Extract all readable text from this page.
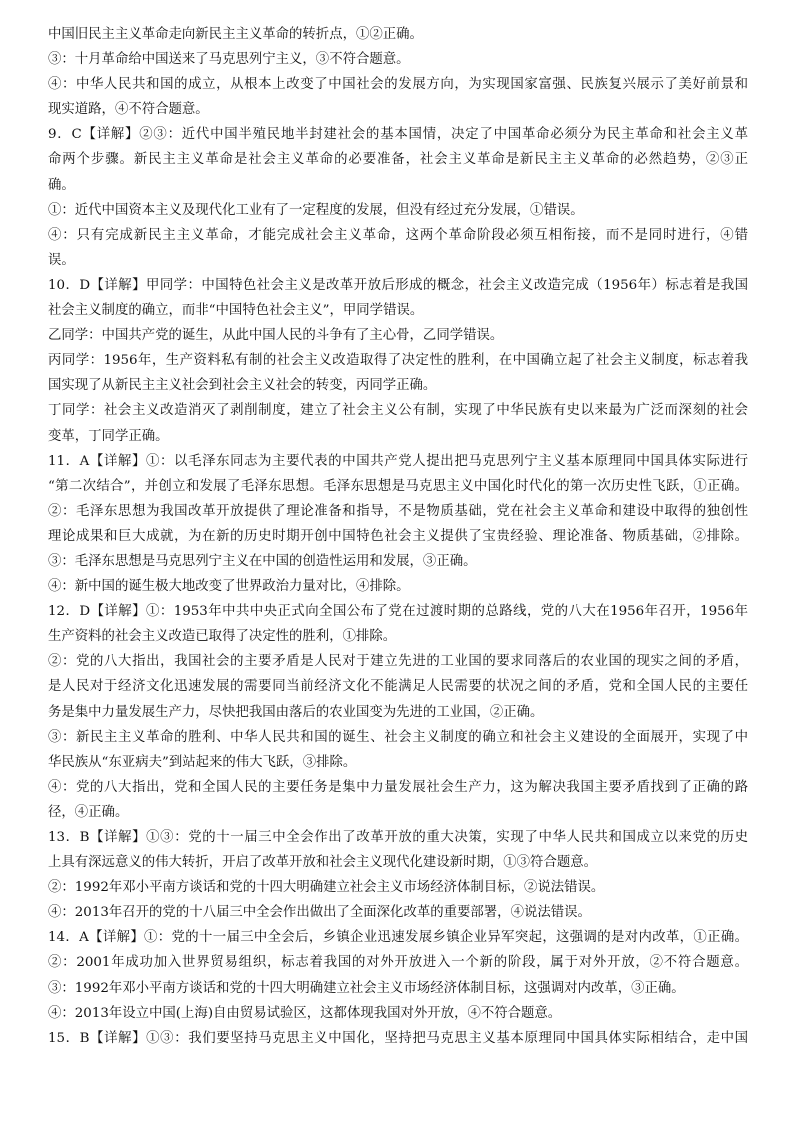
中国旧民主主义革命走向新民主主义革命的转折点，①②正确。
③：十月革命给中国送来了马克思列宁主义，③不符合题意。
④：中华人民共和国的成立，从根本上改变了中国社会的发展方向，为实现国家富强、民族复兴展示了美好前景和
现实道路，④不符合题意。
9．C【详解】②③：近代中国半殖民地半封建社会的基本国情，决定了中国革命必须分为民主革命和社会主义革
命两个步骤。新民主主义革命是社会主义革命的必要准备，社会主义革命是新民主主义革命的必然趋势，②③正
确。
①：近代中国资本主义及现代化工业有了一定程度的发展，但没有经过充分发展，①错误。
④：只有完成新民主主义革命，才能完成社会主义革命，这两个革命阶段必须互相衔接，而不是同时进行，④错
误。
10．D【详解】甲同学：中国特色社会主义是改革开放后形成的概念，社会主义改造完成（1956年）标志着是我国
社会主义制度的确立，而非“中国特色社会主义”，甲同学错误。
乙同学：中国共产党的诞生，从此中国人民的斗争有了主心骨，乙同学错误。
丙同学：1956年，生产资料私有制的社会主义改造取得了决定性的胜利，在中国确立起了社会主义制度，标志着我
国实现了从新民主主义社会到社会主义社会的转变，丙同学正确。
丁同学：社会主义改造消灭了剥削制度，建立了社会主义公有制，实现了中华民族有史以来最为广泛而深刻的社会
变革，丁同学正确。
11．A【详解】①：以毛泽东同志为主要代表的中国共产党人提出把马克思列宁主义基本原理同中国具体实际进行
“第二次结合”，并创立和发展了毛泽东思想。毛泽东思想是马克思主义中国化时代化的第一次历史性飞跃，①正确。
②：毛泽东思想为我国改革开放提供了理论准备和指导，不是物质基础，党在社会主义革命和建设中取得的独创性
理论成果和巨大成就，为在新的历史时期开创中国特色社会主义提供了宝贵经验、理论准备、物质基础，②排除。
③：毛泽东思想是马克思列宁主义在中国的创造性运用和发展，③正确。
④：新中国的诞生极大地改变了世界政治力量对比，④排除。
12．D【详解】①：1953年中共中央正式向全国公布了党在过渡时期的总路线，党的八大在1956年召开，1956年
生产资料的社会主义改造已取得了决定性的胜利，①排除。
②：党的八大指出，我国社会的主要矛盾是人民对于建立先进的工业国的要求同落后的农业国的现实之间的矛盾，
是人民对于经济文化迅速发展的需要同当前经济文化不能满足人民需要的状况之间的矛盾，党和全国人民的主要任
务是集中力量发展生产力，尽快把我国由落后的农业国变为先进的工业国，②正确。
③：新民主主义革命的胜利、中华人民共和国的诞生、社会主义制度的确立和社会主义建设的全面展开，实现了中
华民族从“东亚病夫”到站起来的伟大飞跃，③排除。
④：党的八大指出，党和全国人民的主要任务是集中力量发展社会生产力，这为解决我国主要矛盾找到了正确的路
径，④正确。
13．B【详解】①③：党的十一届三中全会作出了改革开放的重大决策，实现了中华人民共和国成立以来党的历史
上具有深远意义的伟大转折，开启了改革开放和社会主义现代化建设新时期，①③符合题意。
②：1992年邓小平南方谈话和党的十四大明确建立社会主义市场经济体制目标，②说法错误。
④：2013年召开的党的十八届三中全会作出做出了全面深化改革的重要部署，④说法错误。
14．A【详解】①：党的十一届三中全会后，乡镇企业迅速发展乡镇企业异军突起，这强调的是对内改革，①正确。
②：2001年成功加入世界贸易组织，标志着我国的对外开放进入一个新的阶段，属于对外开放，②不符合题意。
③：1992年邓小平南方谈话和党的十四大明确建立社会主义市场经济体制目标，这强调对内改革，③正确。
④：2013年设立中国(上海)自由贸易试验区，这都体现我国对外开放，④不符合题意。
15．B【详解】①③：我们要坚持马克思主义中国化，坚持把马克思主义基本原理同中国具体实际相结合，走中国
